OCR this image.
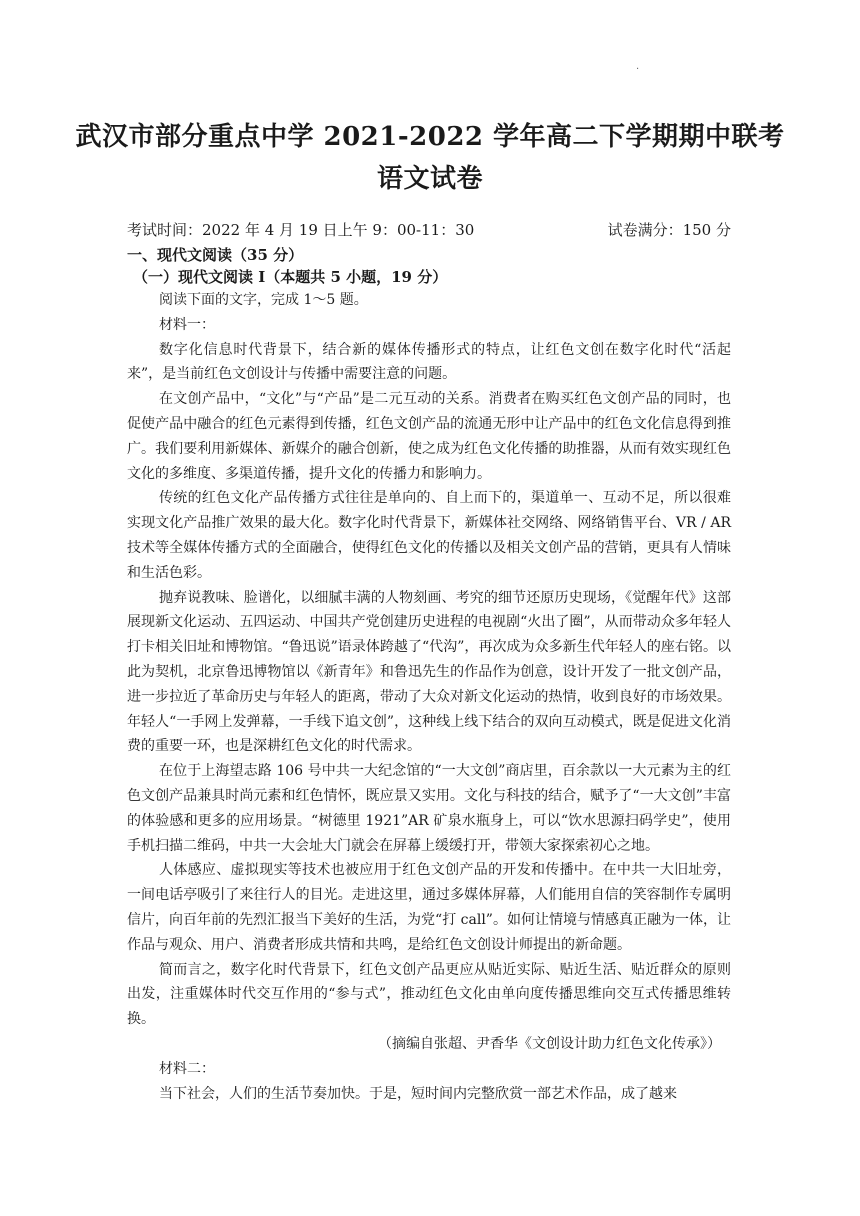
·
武汉市部分重点中学 2021-2022 学年高二下学期期中联考
语文试卷
考试时间：2022 年 4 月 19 日上午 9：00-11：30	试卷满分：150 分
一、现代文阅读（35 分）
（一）现代文阅读 I（本题共 5 小题，19 分）

阅读下面的文字，完成 1～5 题。

材料一：

数字化信息时代背景下，结合新的媒体传播形式的特点，让红色文创在数字化时代“活起来”，是当前红色文创设计与传播中需要注意的问题。

在文创产品中，“文化”与“产品”是二元互动的关系。消费者在购买红色文创产品的同时，也促使产品中融合的红色元素得到传播，红色文创产品的流通无形中让产品中的红色文化信息得到推广。我们要利用新媒体、新媒介的融合创新，使之成为红色文化传播的助推器，从而有效实现红色文化的多维度、多渠道传播，提升文化的传播力和影响力。

传统的红色文化产品传播方式往往是单向的、自上而下的，渠道单一、互动不足，所以很难实现文化产品推广效果的最大化。数字化时代背景下，新媒体社交网络、网络销售平台、VR / AR 技术等全媒体传播方式的全面融合，使得红色文化的传播以及相关文创产品的营销，更具有人情味和生活色彩。

抛弃说教味、脸谱化，以细腻丰满的人物刻画、考究的细节还原历史现场，《觉醒年代》这部展现新文化运动、五四运动、中国共产党创建历史进程的电视剧“火出了圈”，从而带动众多年轻人打卡相关旧址和博物馆。“鲁迅说”语录体跨越了“代沟”，再次成为众多新生代年轻人的座右铭。以此为契机，北京鲁迅博物馆以《新青年》和鲁迅先生的作品作为创意，设计开发了一批文创产品，进一步拉近了革命历史与年轻人的距离，带动了大众对新文化运动的热情，收到良好的市场效果。年轻人“一手网上发弹幕，一手线下追文创”，这种线上线下结合的双向互动模式，既是促进文化消费的重要一环，也是深耕红色文化的时代需求。

在位于上海望志路 106 号中共一大纪念馆的“一大文创”商店里，百余款以一大元素为主的红色文创产品兼具时尚元素和红色情怀，既应景又实用。文化与科技的结合，赋予了“一大文创”丰富的体验感和更多的应用场景。“树德里 1921”AR 矿泉水瓶身上，可以“饮水思源扫码学史”，使用手机扫描二维码，中共一大会址大门就会在屏幕上缓缓打开，带领大家探索初心之地。

人体感应、虚拟现实等技术也被应用于红色文创产品的开发和传播中。在中共一大旧址旁，一间电话亭吸引了来往行人的目光。走进这里，通过多媒体屏幕，人们能用自信的笑容制作专属明信片，向百年前的先烈汇报当下美好的生活，为党“打 call”。如何让情境与情感真正融为一体，让作品与观众、用户、消费者形成共情和共鸣，是给红色文创设计师提出的新命题。

简而言之，数字化时代背景下，红色文创产品更应从贴近实际、贴近生活、贴近群众的原则出发，注重媒体时代交互作用的“参与式”，推动红色文化由单向度传播思维向交互式传播思维转换。

（摘编自张超、尹香华《文创设计助力红色文化传承》）

材料二：

当下社会，人们的生活节奏加快。于是，短时间内完整欣赏一部艺术作品，成了越来
